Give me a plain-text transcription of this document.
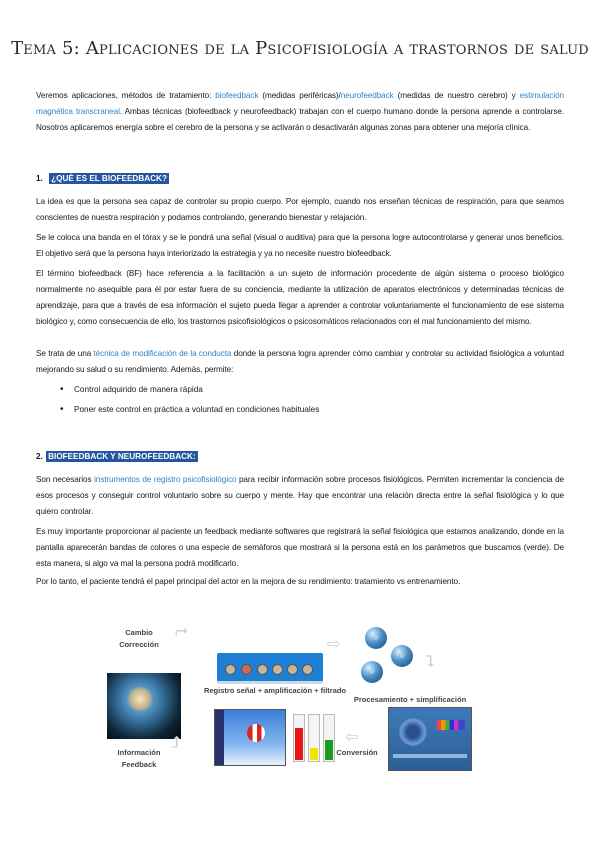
Tema 5: Aplicaciones de la Psicofisiología a trastornos de salud

Veremos aplicaciones, métodos de tratamiento: biofeedback (medidas periféricas)/neurofeedback (medidas de nuestro cerebro) y estimulación magnética transcraneal. Ambas técnicas (biofeedback y neurofeedback) trabajan con el cuerpo humano donde la persona aprende a controlarse. Nosotros aplicaremos energía sobre el cerebro de la persona y se activarán o desactivarán algunas zonas para obtener una mejoría clínica.

1. ¿QUÉ ES EL BIOFEEDBACK?

La idea es que la persona sea capaz de controlar su propio cuerpo. Por ejemplo, cuando nos enseñan técnicas de respiración, para que seamos conscientes de nuestra respiración y podamos controlando, generando bienestar y relajación.

Se le coloca una banda en el tórax y se le pondrá una señal (visual o auditiva) para que la persona logre autocontrolarse y generar unos beneficios. El objetivo será que la persona haya interiorizado la estrategia y ya no necesite nuestro biofeedback.

El término biofeedback (BF) hace referencia a la facilitación a un sujeto de información procedente de algún sistema o proceso biológico normalmente no asequible para él por estar fuera de su conciencia, mediante la utilización de aparatos electrónicos y determinadas técnicas de aprendizaje, para que a través de esa información el sujeto pueda llegar a aprender a controlar voluntariamente el funcionamiento de ese sistema biológico y, como consecuencia de ello, los trastornos psicofisiológicos o psicosomáticos relacionados con el mal funcionamiento del mismo.

Se trata de una técnica de modificación de la conducta donde la persona logra aprender cómo cambiar y controlar su actividad fisiológica a voluntad mejorando su salud o su rendimiento. Además, permite:

• Control adquirido de manera rápida
• Poner este control en práctica a voluntad en condiciones habituales
2. BIOFEEDBACK Y NEUROFEEDBACK:

Son necesarios instrumentos de registro psicofisiológico para recibir información sobre procesos fisiológicos. Permiten incrementar la conciencia de esos procesos y conseguir control voluntario sobre su cuerpo y mente. Hay que encontrar una relación directa entre la señal fisiológica y lo que quiero controlar.

Es muy importante proporcionar al paciente un feedback mediante softwares que registrará la señal fisiológica que estamos analizando, donde en la pantalla aparecerán bandas de colores o una especie de semáforos que mostrará si la persona está en los parámetros que buscamos (verde). De esta manera, si algo va mal la persona podrá modificarlo.

Por lo tanto, el paciente tendrá el papel principal del actor en la mejora de su rendimiento: tratamiento vs entrenamiento.

Cambio Corrección
⮣
Registro señal + amplificación + filtrado
⇨
∿
∿
∿
⮧
Procesamiento + simplificación
⇦
Conversión
⮥
Información Feedback
